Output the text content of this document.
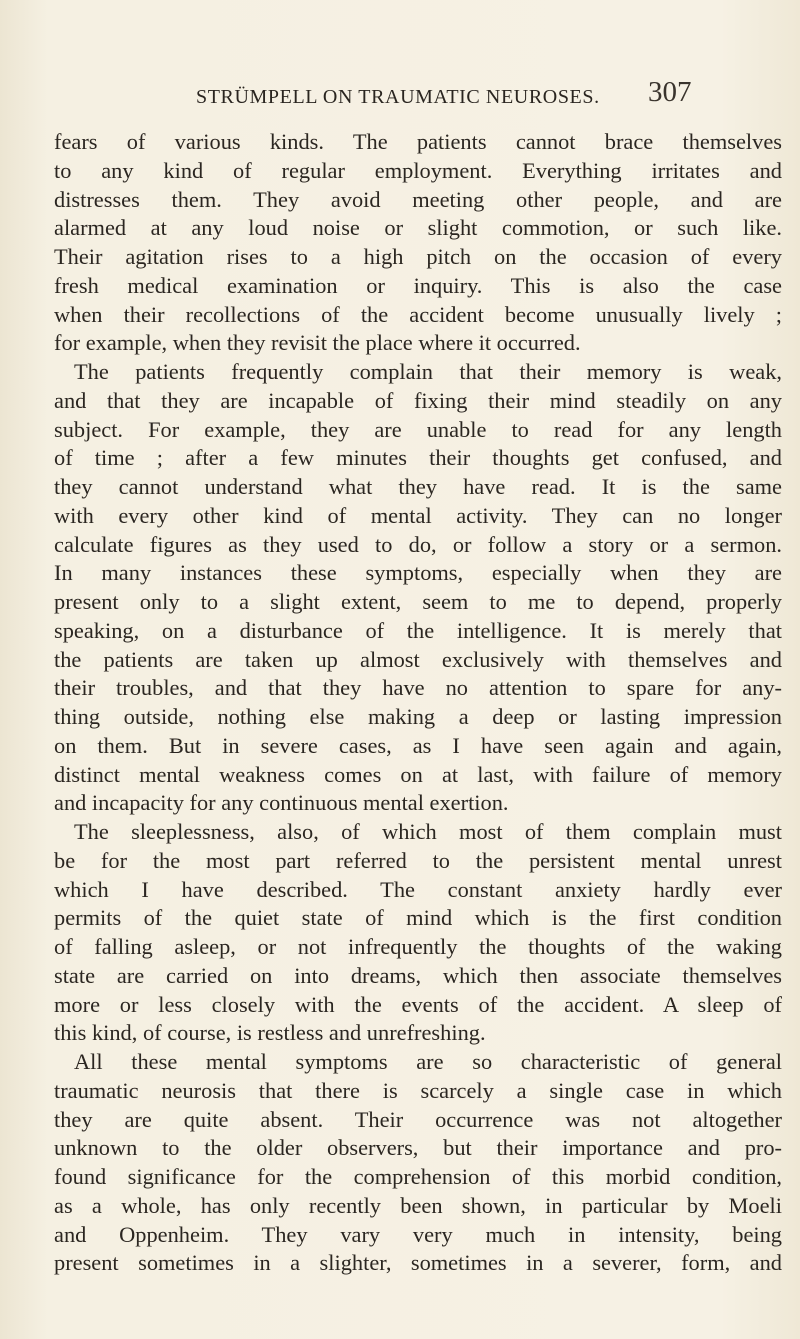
STRÜMPELL ON TRAUMATIC NEUROSES. 307
fears of various kinds. The patients cannot brace themselves
to any kind of regular employment. Everything irritates and
distresses them. They avoid meeting other people, and are
alarmed at any loud noise or slight commotion, or such like.
Their agitation rises to a high pitch on the occasion of every
fresh medical examination or inquiry. This is also the case
when their recollections of the accident become unusually lively ;
for example, when they revisit the place where it occurred.
The patients frequently complain that their memory is weak,
and that they are incapable of fixing their mind steadily on any
subject. For example, they are unable to read for any length
of time ; after a few minutes their thoughts get confused, and
they cannot understand what they have read. It is the same
with every other kind of mental activity. They can no longer
calculate figures as they used to do, or follow a story or a sermon.
In many instances these symptoms, especially when they are
present only to a slight extent, seem to me to depend, properly
speaking, on a disturbance of the intelligence. It is merely that
the patients are taken up almost exclusively with themselves and
their troubles, and that they have no attention to spare for any-
thing outside, nothing else making a deep or lasting impression
on them. But in severe cases, as I have seen again and again,
distinct mental weakness comes on at last, with failure of memory
and incapacity for any continuous mental exertion.
The sleeplessness, also, of which most of them complain must
be for the most part referred to the persistent mental unrest
which I have described. The constant anxiety hardly ever
permits of the quiet state of mind which is the first condition
of falling asleep, or not infrequently the thoughts of the waking
state are carried on into dreams, which then associate themselves
more or less closely with the events of the accident. A sleep of
this kind, of course, is restless and unrefreshing.
All these mental symptoms are so characteristic of general
traumatic neurosis that there is scarcely a single case in which
they are quite absent. Their occurrence was not altogether
unknown to the older observers, but their importance and pro-
found significance for the comprehension of this morbid condition,
as a whole, has only recently been shown, in particular by Moeli
and Oppenheim. They vary very much in intensity, being
present sometimes in a slighter, sometimes in a severer, form, and
